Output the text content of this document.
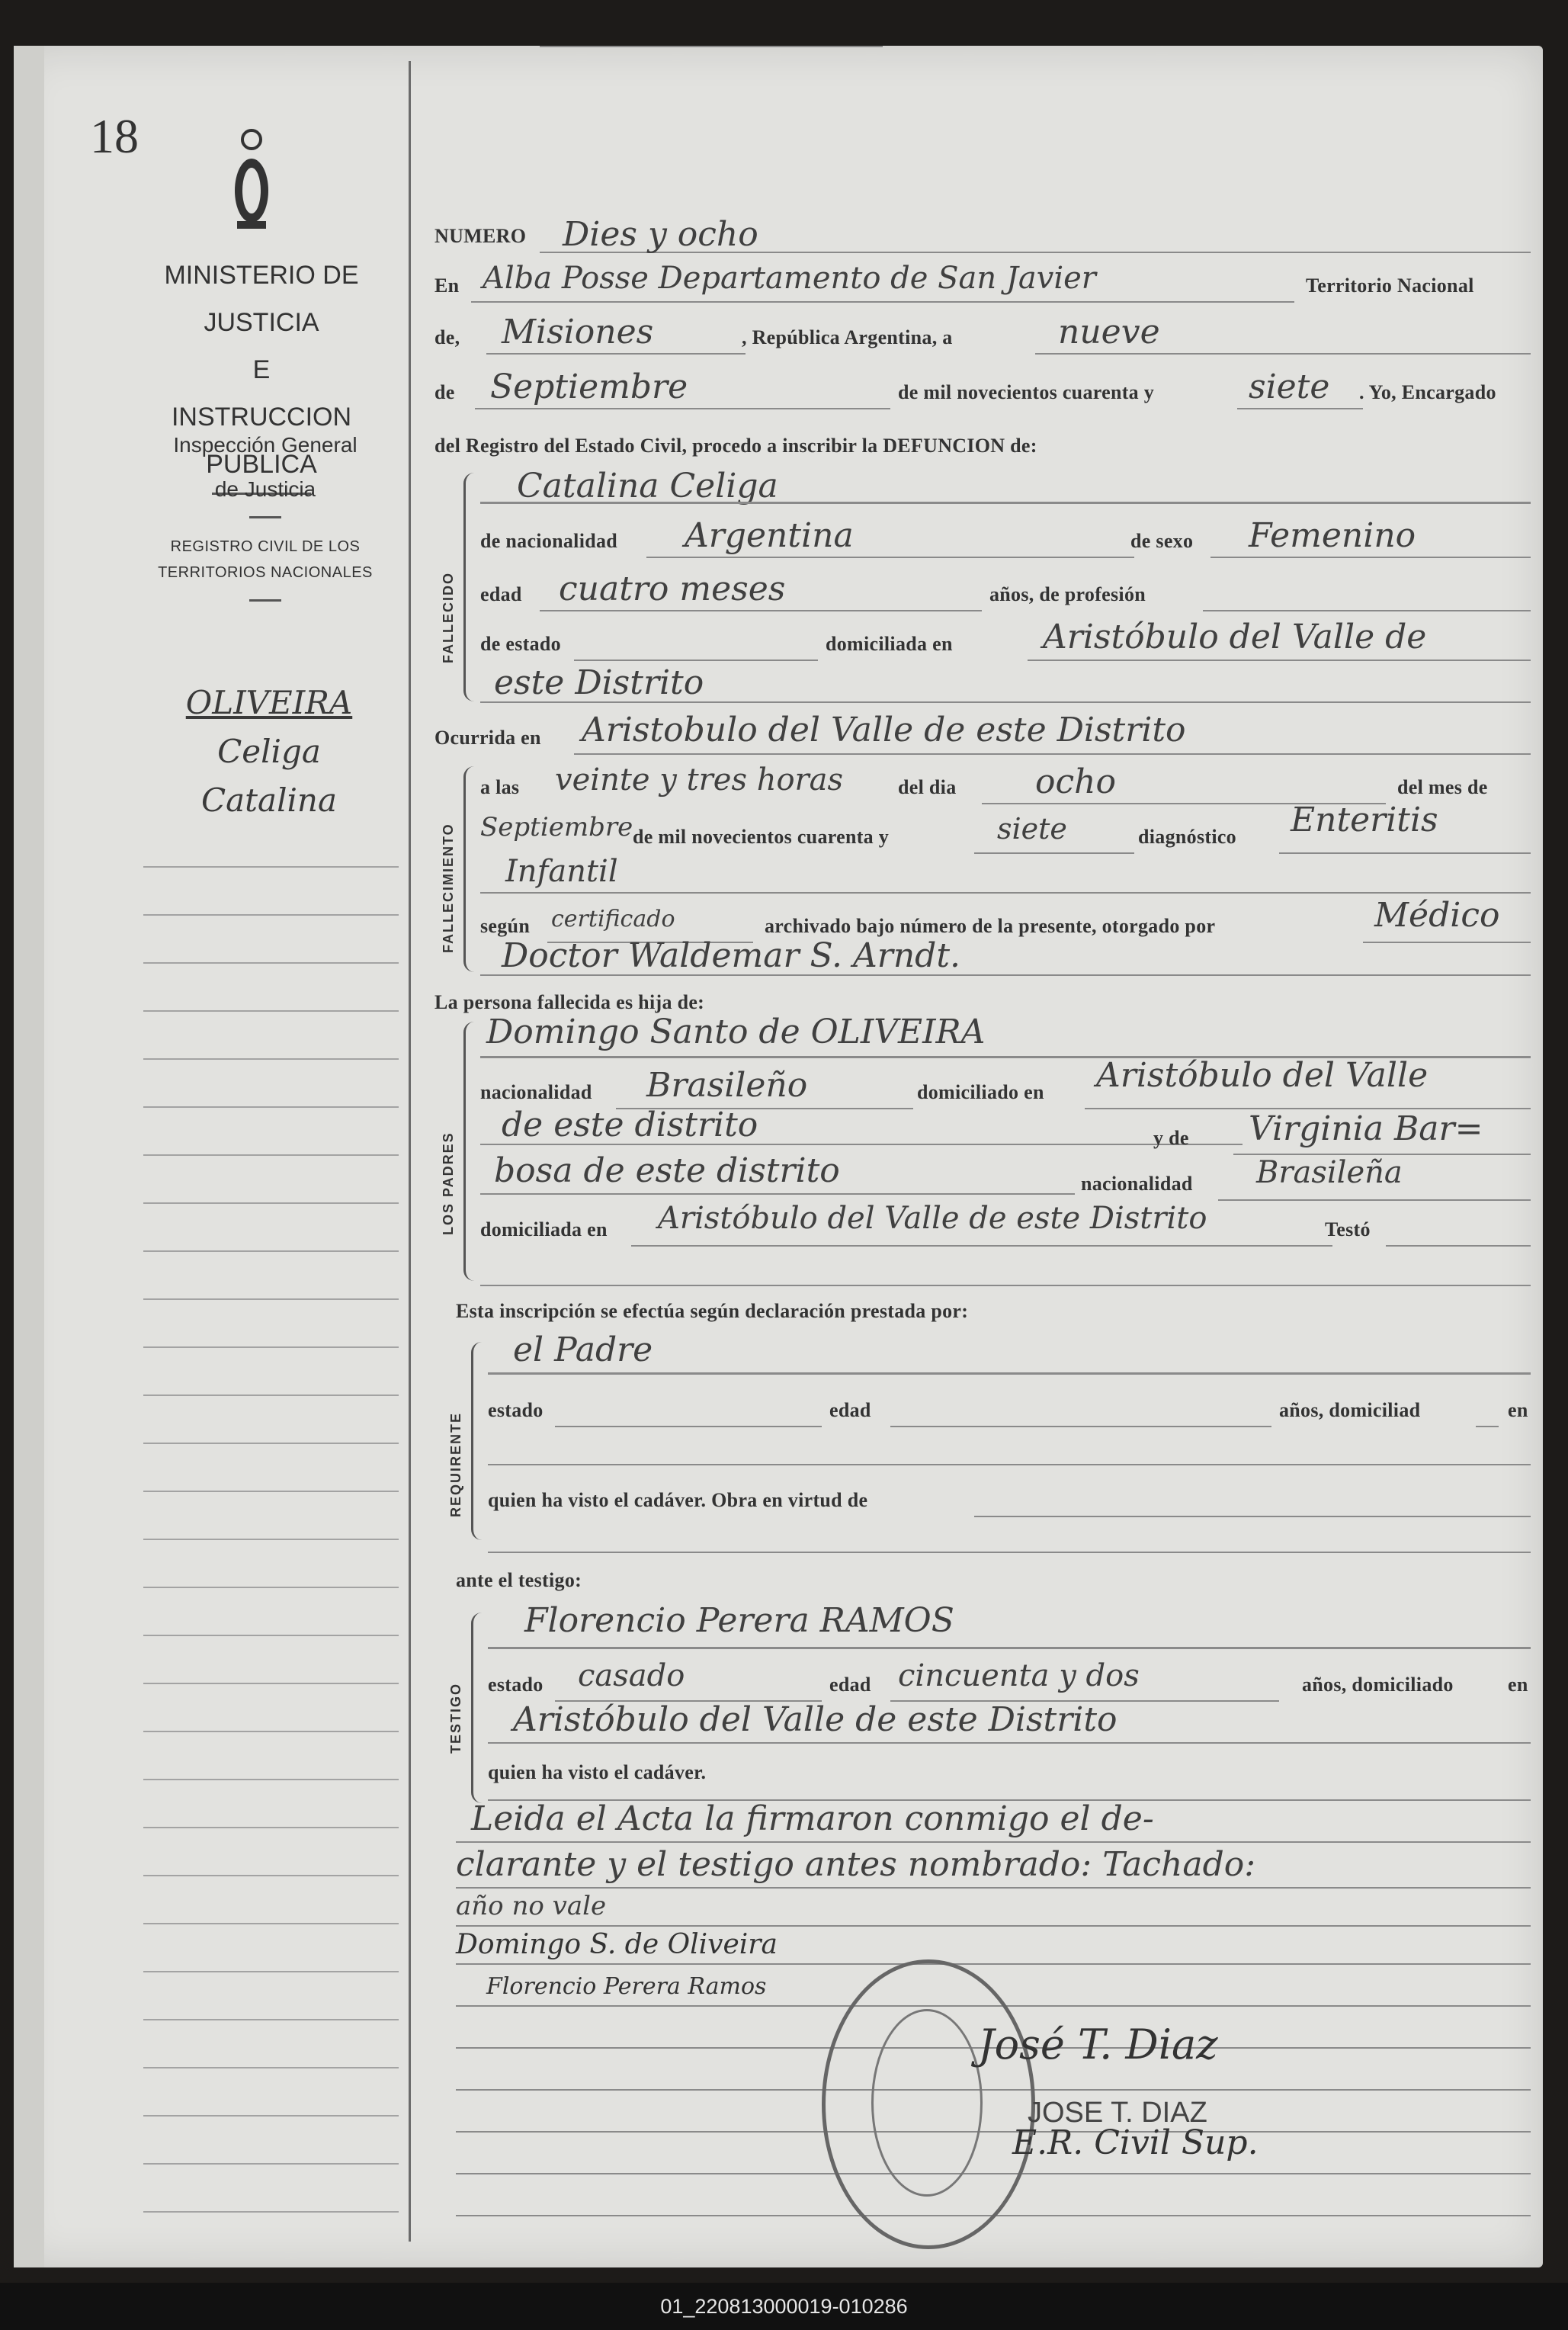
18
MINISTERIO DE JUSTICIA
E
INSTRUCCION PUBLICA
Inspección General
de Justicia
REGISTRO CIVIL DE LOS
TERRITORIOS NACIONALES
OLIVEIRA
Celiga
Catalina
NUMERO Dies y ocho
En Alba Posse Departamento de San Javier	Territorio Nacional
de, Misiones	, República Argentina, a	nueve
de Septiembre	de mil novecientos cuarenta y	siete . Yo, Encargado
del Registro del Estado Civil, procedo a inscribir la DEFUNCION de:
FALLECIDO
Catalina Celiga
de nacionalidad Argentina	de sexo Femenino
edad cuatro meses	años, de profesión
de estado	domiciliada en	Aristóbulo del Valle de
este Distrito
Ocurrida en Aristobulo del Valle de este Distrito
FALLECIMIENTO
a las veinte y tres horas	del dia ocho	del mes de
Septiembre de mil novecientos cuarenta y	siete	diagnóstico Enteritis
Infantil
según certificado	archivado bajo número de la presente, otorgado por	Médico
Doctor Waldemar S. Arndt.
La persona fallecida es hija de:
LOS PADRES
Domingo Santo de OLIVEIRA
nacionalidad Brasileño	domiciliado en Aristóbulo del Valle
de este distrito	y de Virginia Bar=
bosa de este distrito	nacionalidad Brasileña
domiciliada en Aristóbulo del Valle de este Distrito	Testó
Esta inscripción se efectúa según declaración prestada por:
REQUIRENTE
el Padre
estado	edad	años, domiciliad	en
quien ha visto el cadáver. Obra en virtud de
ante el testigo:
TESTIGO
Florencio Perera RAMOS
estado casado	edad cincuenta y dos	años, domiciliado	en
Aristóbulo del Valle de este Distrito
quien ha visto el cadáver.
Leida el Acta la firmaron conmigo el de-
clarante y el testigo antes nombrado: Tachado:
año no vale
Domingo S. de Oliveira
Florencio Perera Ramos
José T. Diaz
JOSE T. DIAZ
E.R. Civil Sup.
01_220813000019-010286
